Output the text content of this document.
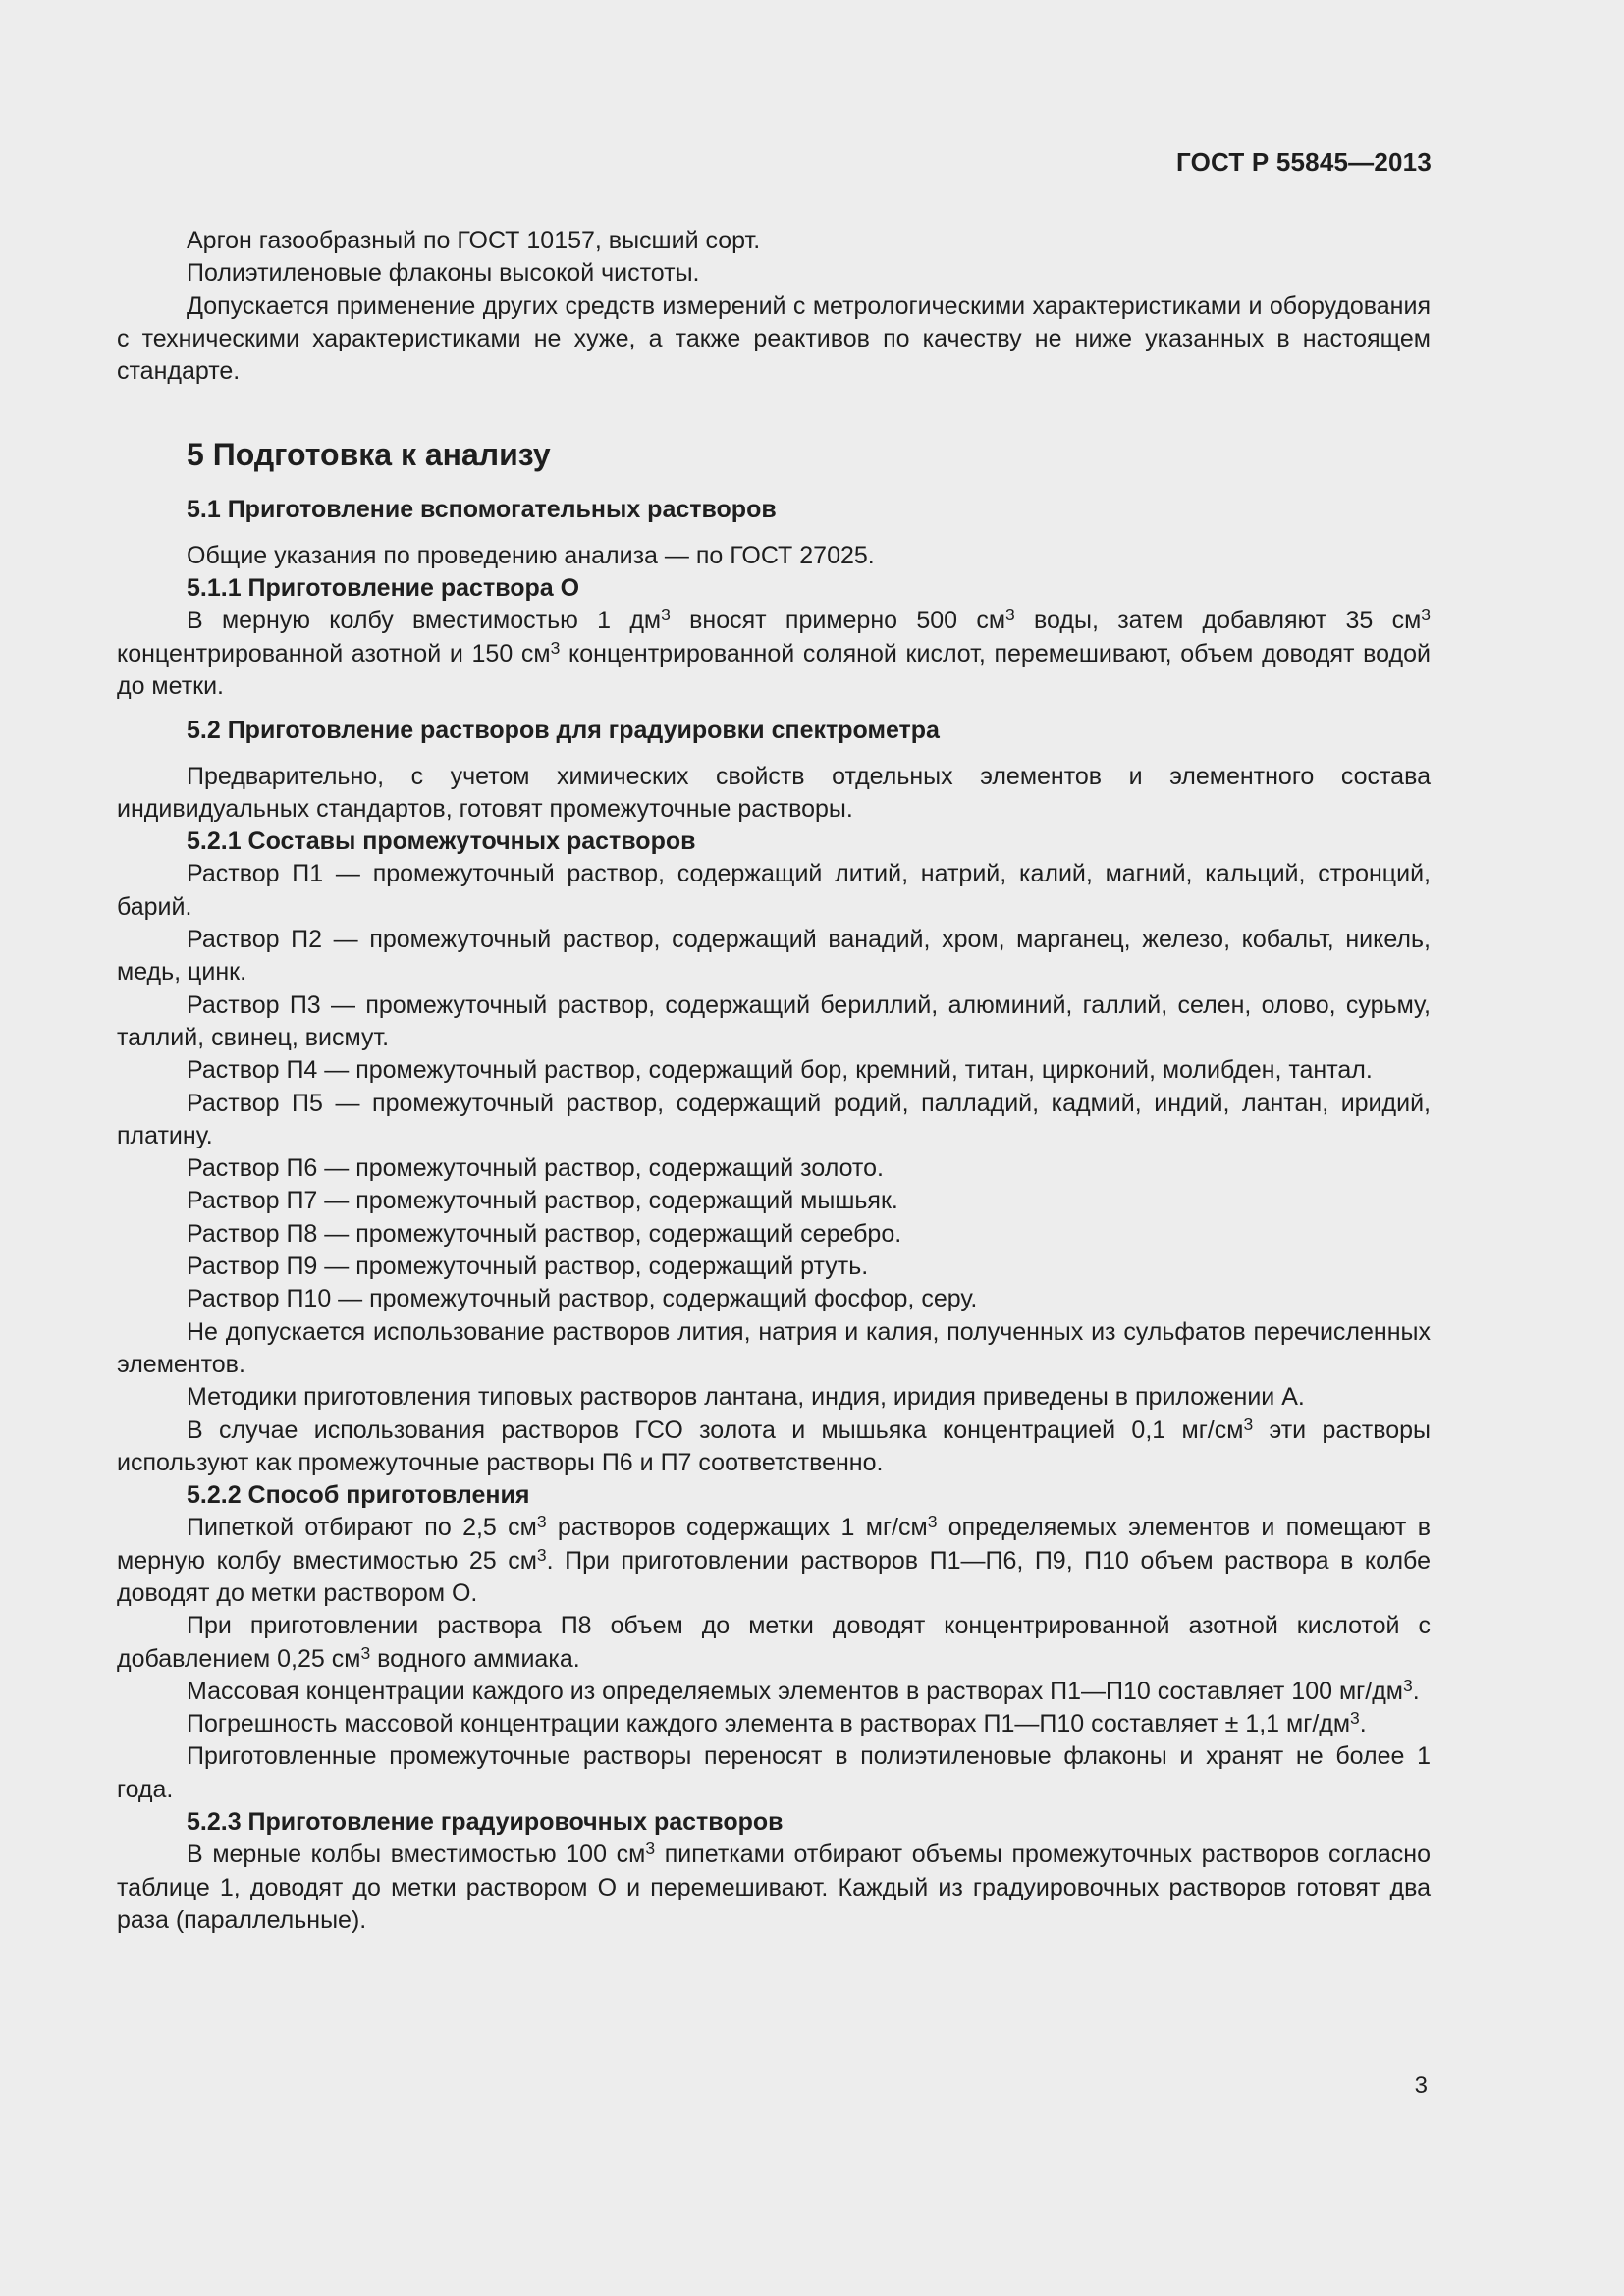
ГОСТ Р 55845—2013

Аргон газообразный по ГОСТ 10157, высший сорт.

Полиэтиленовые флаконы высокой чистоты.

Допускается применение других средств измерений с метрологическими характеристиками и оборудования с техническими характеристиками не хуже, а также реактивов по качеству не ниже указанных в настоящем стандарте.

5 Подготовка к анализу
5.1 Приготовление вспомогательных растворов

Общие указания по проведению анализа — по ГОСТ 27025.

5.1.1 Приготовление раствора О

В мерную колбу вместимостью 1 $дм^3$ вносят примерно 500 $см^3$ воды, затем добавляют 35 $см^3$ концентрированной азотной и 150 $см^3$ концентрированной соляной кислот, перемешивают, объем доводят водой до метки.

5.2 Приготовление растворов для градуировки спектрометра

Предварительно, с учетом химических свойств отдельных элементов и элементного состава индивидуальных стандартов, готовят промежуточные растворы.

5.2.1 Составы промежуточных растворов

Раствор П1 — промежуточный раствор, содержащий литий, натрий, калий, магний, кальций, стронций, барий.

Раствор П2 — промежуточный раствор, содержащий ванадий, хром, марганец, железо, кобальт, никель, медь, цинк.

Раствор П3 — промежуточный раствор, содержащий бериллий, алюминий, галлий, селен, олово, сурьму, таллий, свинец, висмут.

Раствор П4 — промежуточный раствор, содержащий бор, кремний, титан, цирконий, молибден, тантал.

Раствор П5 — промежуточный раствор, содержащий родий, палладий, кадмий, индий, лантан, иридий, платину.

Раствор П6 — промежуточный раствор, содержащий золото.

Раствор П7 — промежуточный раствор, содержащий мышьяк.

Раствор П8 — промежуточный раствор, содержащий серебро.

Раствор П9 — промежуточный раствор, содержащий ртуть.

Раствор П10 — промежуточный раствор, содержащий фосфор, серу.

Не допускается использование растворов лития, натрия и калия, полученных из сульфатов перечисленных элементов.

Методики приготовления типовых растворов лантана, индия, иридия приведены в приложении А.

В случае использования растворов ГСО золота и мышьяка концентрацией 0,1 $мг/см^3$ эти растворы используют как промежуточные растворы П6 и П7 соответственно.

5.2.2 Способ приготовления

Пипеткой отбирают по 2,5 $см^3$ растворов содержащих 1 $мг/см^3$ определяемых элементов и помещают в мерную колбу вместимостью 25 $см^3$. При приготовлении растворов П1—П6, П9, П10 объем раствора в колбе доводят до метки раствором О.

При приготовлении раствора П8 объем до метки доводят концентрированной азотной кислотой с добавлением 0,25 $см^3$ водного аммиака.

Массовая концентрации каждого из определяемых элементов в растворах П1—П10 составляет 100 $мг/дм^3$.

Погрешность массовой концентрации каждого элемента в растворах П1—П10 составляет ± 1,1 $мг/дм^3$.

Приготовленные промежуточные растворы переносят в полиэтиленовые флаконы и хранят не более 1 года.

5.2.3 Приготовление градуировочных растворов

В мерные колбы вместимостью 100 $см^3$ пипетками отбирают объемы промежуточных растворов согласно таблице 1, доводят до метки раствором О и перемешивают. Каждый из градуировочных растворов готовят два раза (параллельные).

3
